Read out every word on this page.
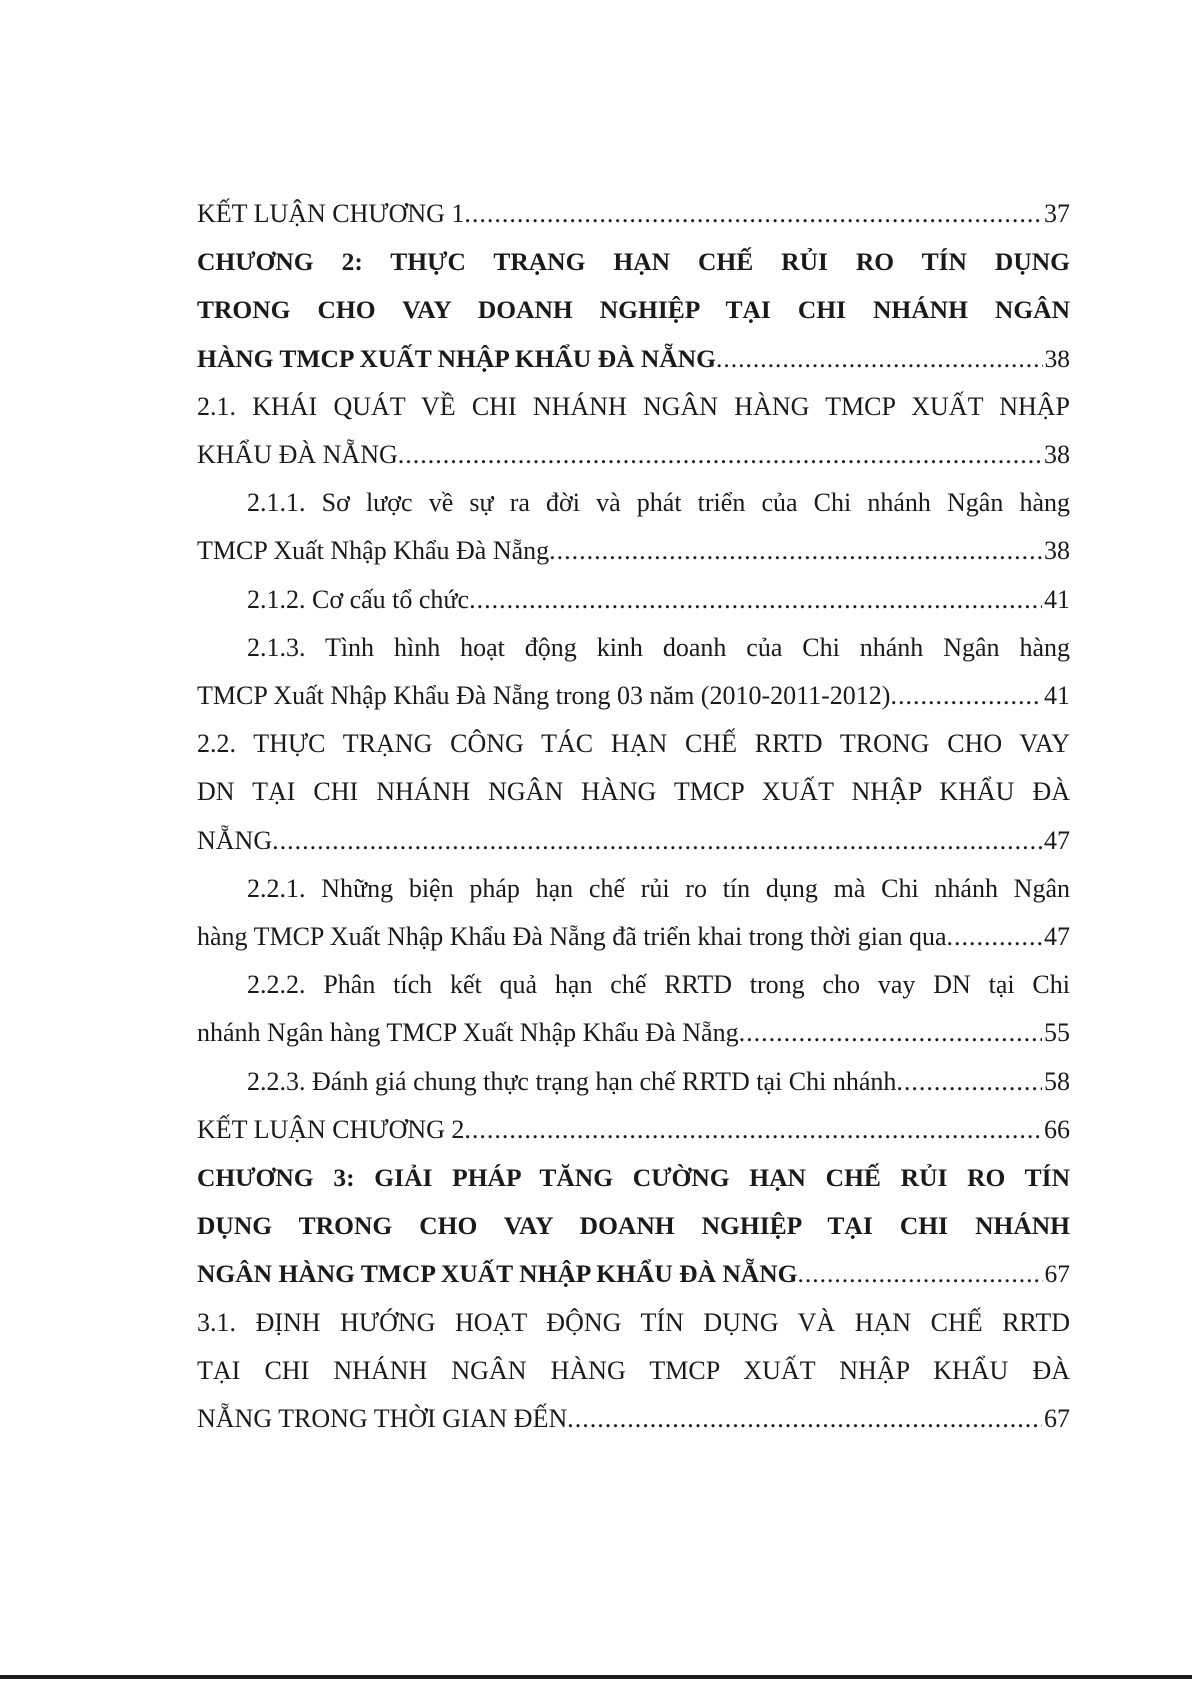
KẾT LUẬN CHƯƠNG 1 .....	37
CHƯƠNG 2: THỰC TRẠNG HẠN CHẾ RỦI RO TÍN DỤNG
TRONG CHO VAY DOANH NGHIỆP TẠI CHI NHÁNH NGÂN
HÀNG TMCP XUẤT NHẬP KHẨU ĐÀ NẴNG .....	38
2.1. KHÁI QUÁT VỀ CHI NHÁNH NGÂN HÀNG TMCP XUẤT NHẬP
KHẨU ĐÀ NẴNG .....	38
2.1.1. Sơ lược về sự ra đời và phát triển của Chi nhánh Ngân hàng
TMCP Xuất Nhập Khẩu Đà Nẵng .....	38
2.1.2. Cơ cấu tổ chức .....	41
2.1.3. Tình hình hoạt động kinh doanh của Chi nhánh Ngân hàng
TMCP Xuất Nhập Khẩu Đà Nẵng trong 03 năm (2010-2011-2012) .....	41
2.2. THỰC TRẠNG CÔNG TÁC HẠN CHẾ RRTD TRONG CHO VAY
DN TẠI CHI NHÁNH NGÂN HÀNG TMCP XUẤT NHẬP KHẨU ĐÀ
NẴNG .....	47
2.2.1. Những biện pháp hạn chế rủi ro tín dụng mà Chi nhánh Ngân
hàng TMCP Xuất Nhập Khẩu Đà Nẵng đã triển khai trong thời gian qua .....	47
2.2.2. Phân tích kết quả hạn chế RRTD trong cho vay DN tại Chi
nhánh Ngân hàng TMCP Xuất Nhập Khẩu Đà Nẵng .....	55
2.2.3. Đánh giá chung thực trạng hạn chế RRTD tại Chi nhánh .....	58
KẾT LUẬN CHƯƠNG 2 .....	66
CHƯƠNG 3: GIẢI PHÁP TĂNG CƯỜNG HẠN CHẾ RỦI RO TÍN
DỤNG TRONG CHO VAY DOANH NGHIỆP TẠI CHI NHÁNH
NGÂN HÀNG TMCP XUẤT NHẬP KHẨU ĐÀ NẴNG .....	67
3.1. ĐỊNH HƯỚNG HOẠT ĐỘNG TÍN DỤNG VÀ HẠN CHẾ RRTD
TẠI CHI NHÁNH NGÂN HÀNG TMCP XUẤT NHẬP KHẨU ĐÀ
NẴNG TRONG THỜI GIAN ĐẾN .....	67
